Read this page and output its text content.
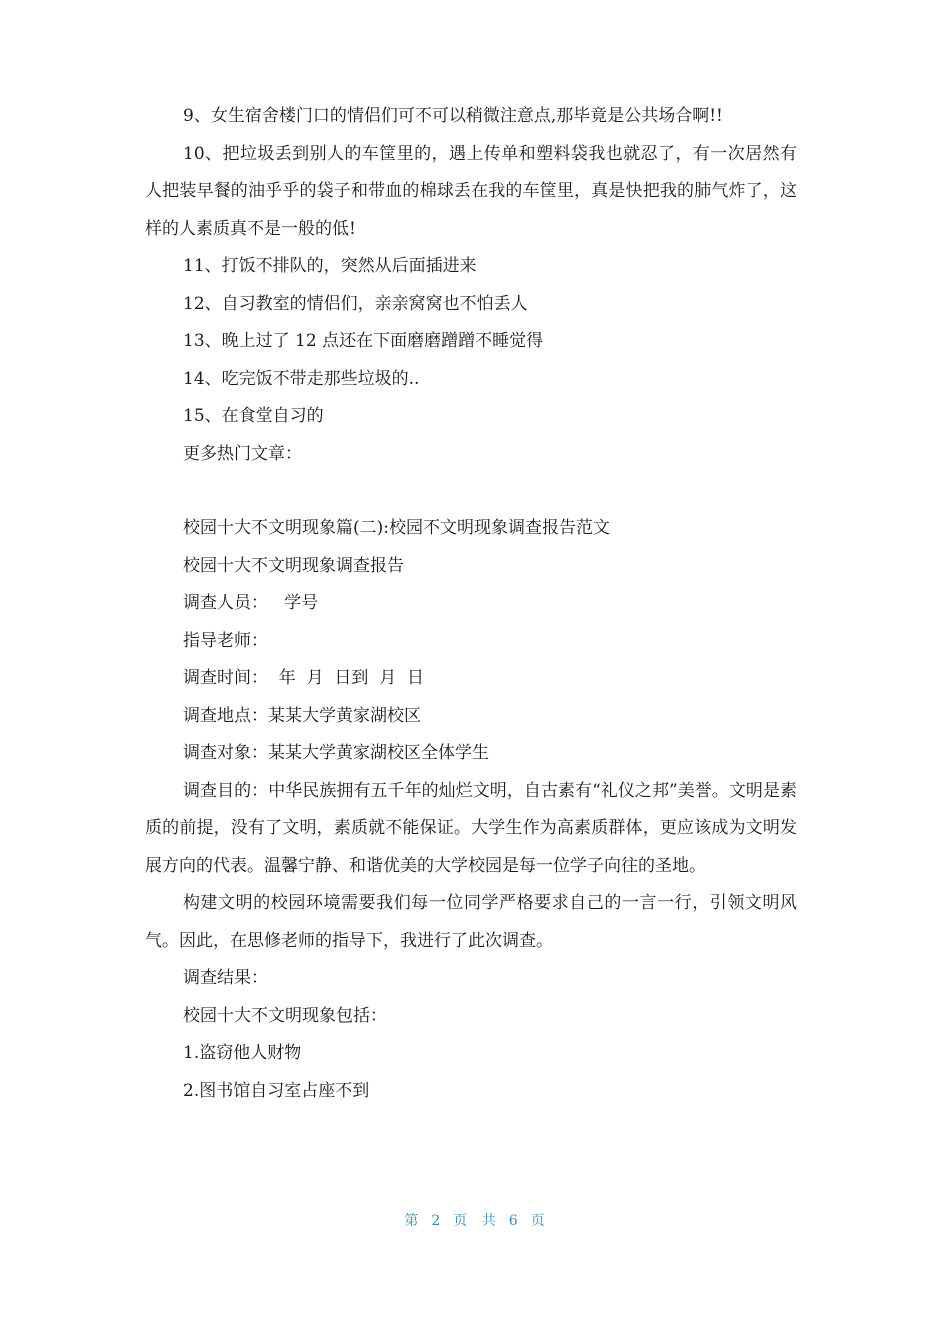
9、女生宿舍楼门口的情侣们可不可以稍微注意点,那毕竟是公共场合啊!!

10、把垃圾丢到别人的车筐里的，遇上传单和塑料袋我也就忍了，有一次居然有人把装早餐的油乎乎的袋子和带血的棉球丢在我的车筐里，真是快把我的肺气炸了，这样的人素质真不是一般的低!

11、打饭不排队的，突然从后面插进来

12、自习教室的情侣们，亲亲窝窝也不怕丢人

13、晚上过了 12 点还在下面磨磨蹭蹭不睡觉得

14、吃完饭不带走那些垃圾的..

15、在食堂自习的

更多热门文章：

校园十大不文明现象篇(二):校园不文明现象调查报告范文

校园十大不文明现象调查报告

调查人员：   学号

指导老师：

调查时间：  年  月  日到  月  日

调查地点：某某大学黄家湖校区

调查对象：某某大学黄家湖校区全体学生

调查目的：中华民族拥有五千年的灿烂文明，自古素有“礼仪之邦”美誉。文明是素质的前提，没有了文明，素质就不能保证。大学生作为高素质群体，更应该成为文明发展方向的代表。温馨宁静、和谐优美的大学校园是每一位学子向往的圣地。

构建文明的校园环境需要我们每一位同学严格要求自己的一言一行，引领文明风气。因此，在思修老师的指导下，我进行了此次调查。

调查结果：

校园十大不文明现象包括：

1.盗窃他人财物

2.图书馆自习室占座不到

第 2 页 共 6 页
